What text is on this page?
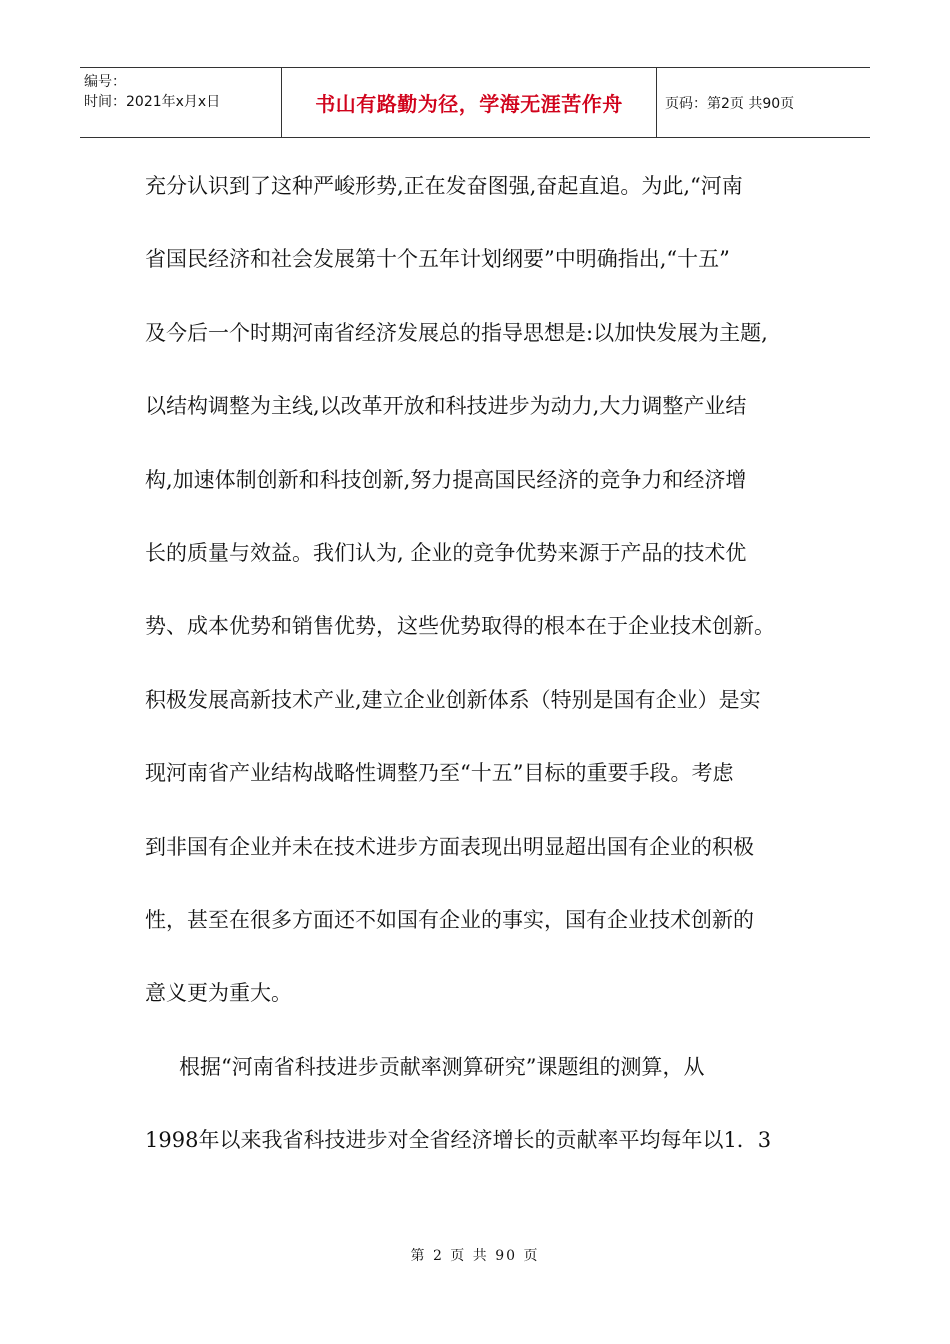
编号：
时间：2021年x月x日	书山有路勤为径，学海无涯苦作舟	页码：第2页 共90页

充分认识到了这种严峻形势,正在发奋图强,奋起直追。为此,“河南

省国民经济和社会发展第十个五年计划纲要”中明确指出,“十五”

及今后一个时期河南省经济发展总的指导思想是:以加快发展为主题,

以结构调整为主线,以改革开放和科技进步为动力,大力调整产业结

构,加速体制创新和科技创新,努力提高国民经济的竞争力和经济增

长的质量与效益。我们认为, 企业的竞争优势来源于产品的技术优

势、成本优势和销售优势，这些优势取得的根本在于企业技术创新。

积极发展高新技术产业,建立企业创新体系（特别是国有企业）是实

现河南省产业结构战略性调整乃至“十五”目标的重要手段。考虑

到非国有企业并未在技术进步方面表现出明显超出国有企业的积极

性，甚至在很多方面还不如国有企业的事实，国有企业技术创新的

意义更为重大。

根据“河南省科技进步贡献率测算研究”课题组的测算，从

1998年以来我省科技进步对全省经济增长的贡献率平均每年以1．3

第 2 页 共 90 页
